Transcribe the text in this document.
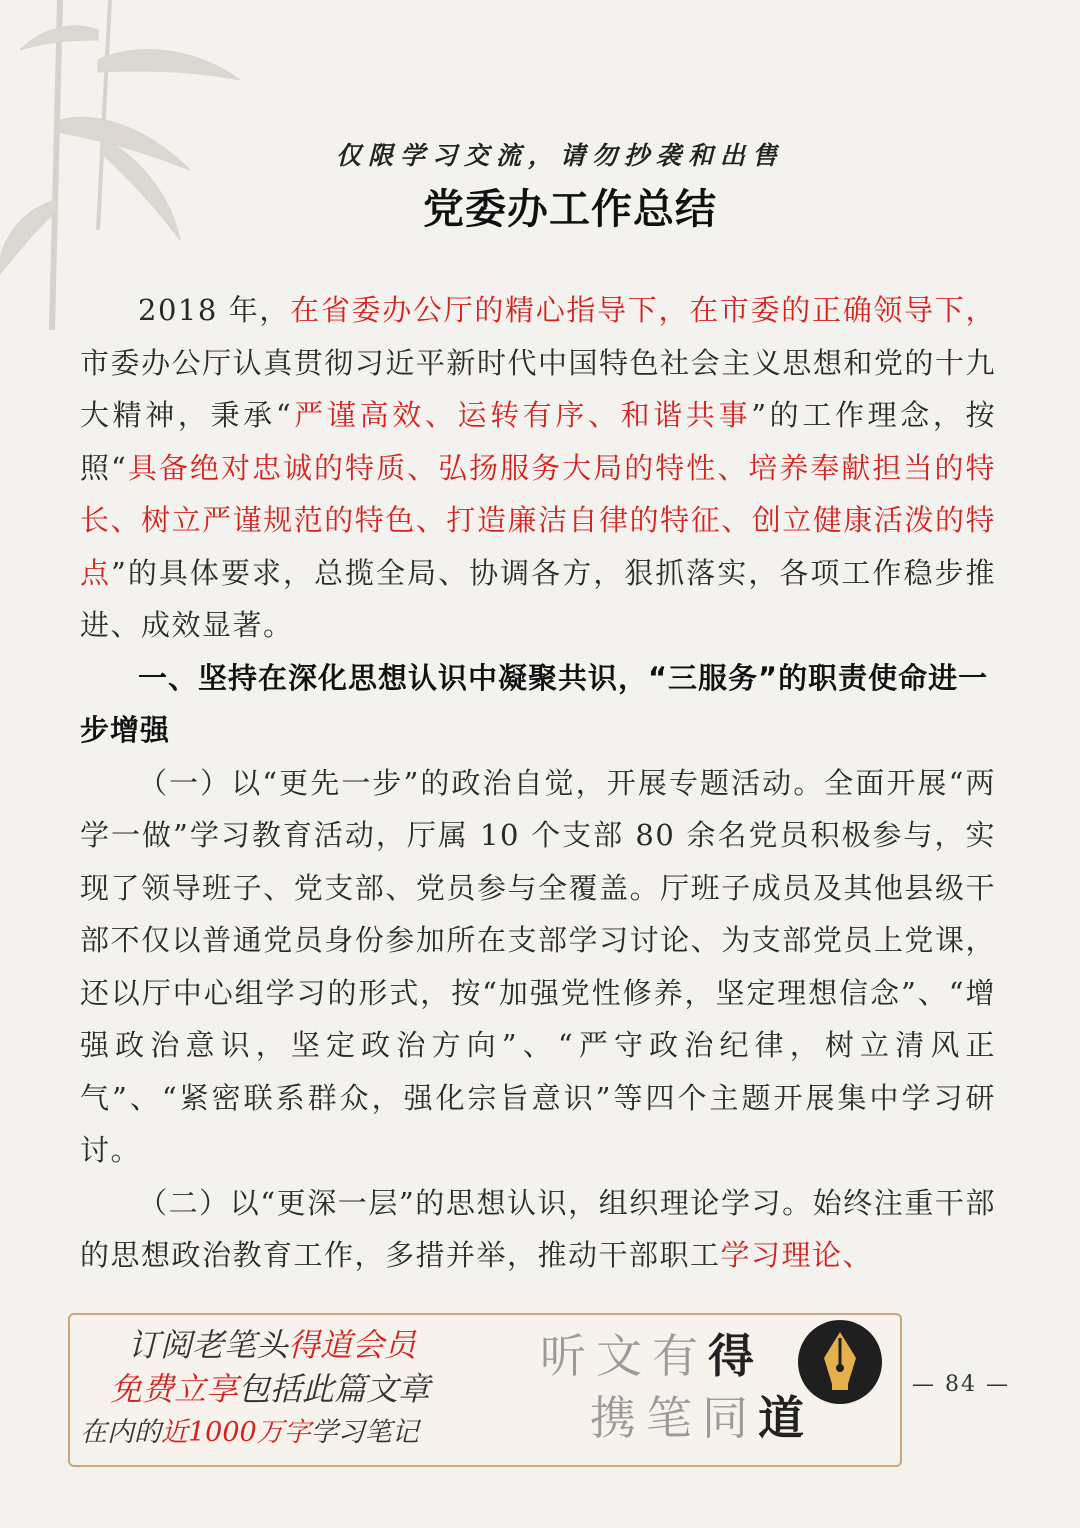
仅限学习交流，请勿抄袭和出售
党委办工作总结

2018 年，在省委办公厅的精心指导下，在市委的正确领导下，市委办公厅认真贯彻习近平新时代中国特色社会主义思想和党的十九大精神，秉承“严谨高效、运转有序、和谐共事”的工作理念，按照“具备绝对忠诚的特质、弘扬服务大局的特性、培养奉献担当的特长、树立严谨规范的特色、打造廉洁自律的特征、创立健康活泼的特点”的具体要求，总揽全局、协调各方，狠抓落实，各项工作稳步推进、成效显著。

一、坚持在深化思想认识中凝聚共识，“三服务”的职责使命进一步增强

（一）以“更先一步”的政治自觉，开展专题活动。全面开展“两学一做”学习教育活动，厅属 10 个支部 80 余名党员积极参与，实现了领导班子、党支部、党员参与全覆盖。厅班子成员及其他县级干部不仅以普通党员身份参加所在支部学习讨论、为支部党员上党课，还以厅中心组学习的形式，按“加强党性修养，坚定理想信念”、“增强政治意识，坚定政治方向”、“严守政治纪律，树立清风正气”、“紧密联系群众，强化宗旨意识”等四个主题开展集中学习研讨。

（二）以“更深一层”的思想认识，组织理论学习。始终注重干部的思想政治教育工作，多措并举，推动干部职工学习理论、

订阅老笔头得道会员
免费立享包括此篇文章
在内的近1000万字学习笔记
听文有得
携笔同道
— 84 —
